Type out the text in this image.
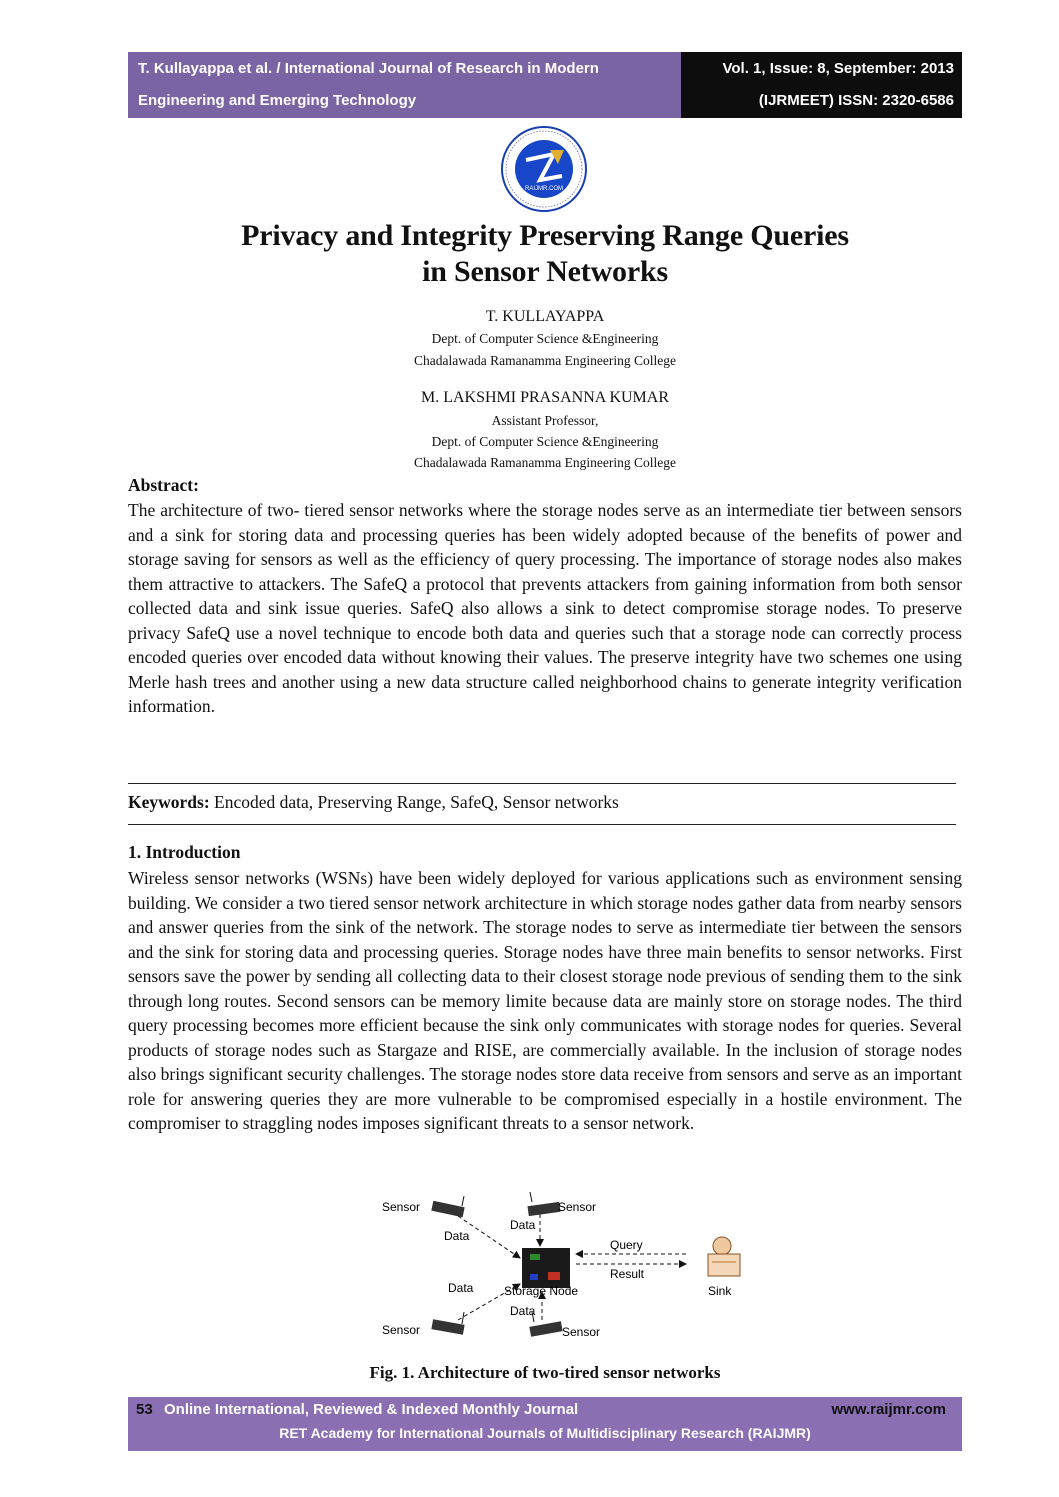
T. Kullayappa et al. / International Journal of Research in Modern
Engineering and Emerging Technology
Vol. 1, Issue: 8, September: 2013
(IJRMEET) ISSN: 2320-6586
RAIJMR.COM
Privacy and Integrity Preserving Range Queries
in Sensor Networks
T. KULLAYAPPA
Dept. of Computer Science &Engineering
Chadalawada Ramanamma Engineering College
M. LAKSHMI PRASANNA KUMAR
Assistant Professor,
Dept. of Computer Science &Engineering
Chadalawada Ramanamma Engineering College
Abstract:
The architecture of two- tiered sensor networks where the storage nodes serve as an intermediate tier between sensors and a sink for storing data and processing queries has been widely adopted because of the benefits of power and storage saving for sensors as well as the efficiency of query processing. The importance of storage nodes also makes them attractive to attackers. The SafeQ a protocol that prevents attackers from gaining information from both sensor collected data and sink issue queries. SafeQ also allows a sink to detect compromise storage nodes. To preserve privacy SafeQ use a novel technique to encode both data and queries such that a storage node can correctly process encoded queries over encoded data without knowing their values. The preserve integrity have two schemes one using Merle hash trees and another using a new data structure called neighborhood chains to generate integrity verification information.
Keywords: Encoded data, Preserving Range, SafeQ, Sensor networks
1. Introduction
Wireless sensor networks (WSNs) have been widely deployed for various applications such as environment sensing building. We consider a two tiered sensor network architecture in which storage nodes gather data from nearby sensors and answer queries from the sink of the network. The storage nodes to serve as intermediate tier between the sensors and the sink for storing data and processing queries. Storage nodes have three main benefits to sensor networks. First sensors save the power by sending all collecting data to their closest storage node previous of sending them to the sink through long routes. Second sensors can be memory limite because data are mainly store on storage nodes. The third query processing becomes more efficient because the sink only communicates with storage nodes for queries. Several products of storage nodes such as Stargaze and RISE, are commercially available. In the inclusion of storage nodes also brings significant security challenges. The storage nodes store data receive from sensors and serve as an important role for answering queries they are more vulnerable to be compromised especially in a hostile environment. The compromiser to straggling nodes imposes significant threats to a sensor network.
Sensor	Sensor
Sensor	Sensor
Storage Node
Data
Data
Data
Data
Query
Result
Sink
Fig. 1. Architecture of two-tired sensor networks
53 Online International, Reviewed & Indexed Monthly Journal	www.raijmr.com
RET Academy for International Journals of Multidisciplinary Research (RAIJMR)
